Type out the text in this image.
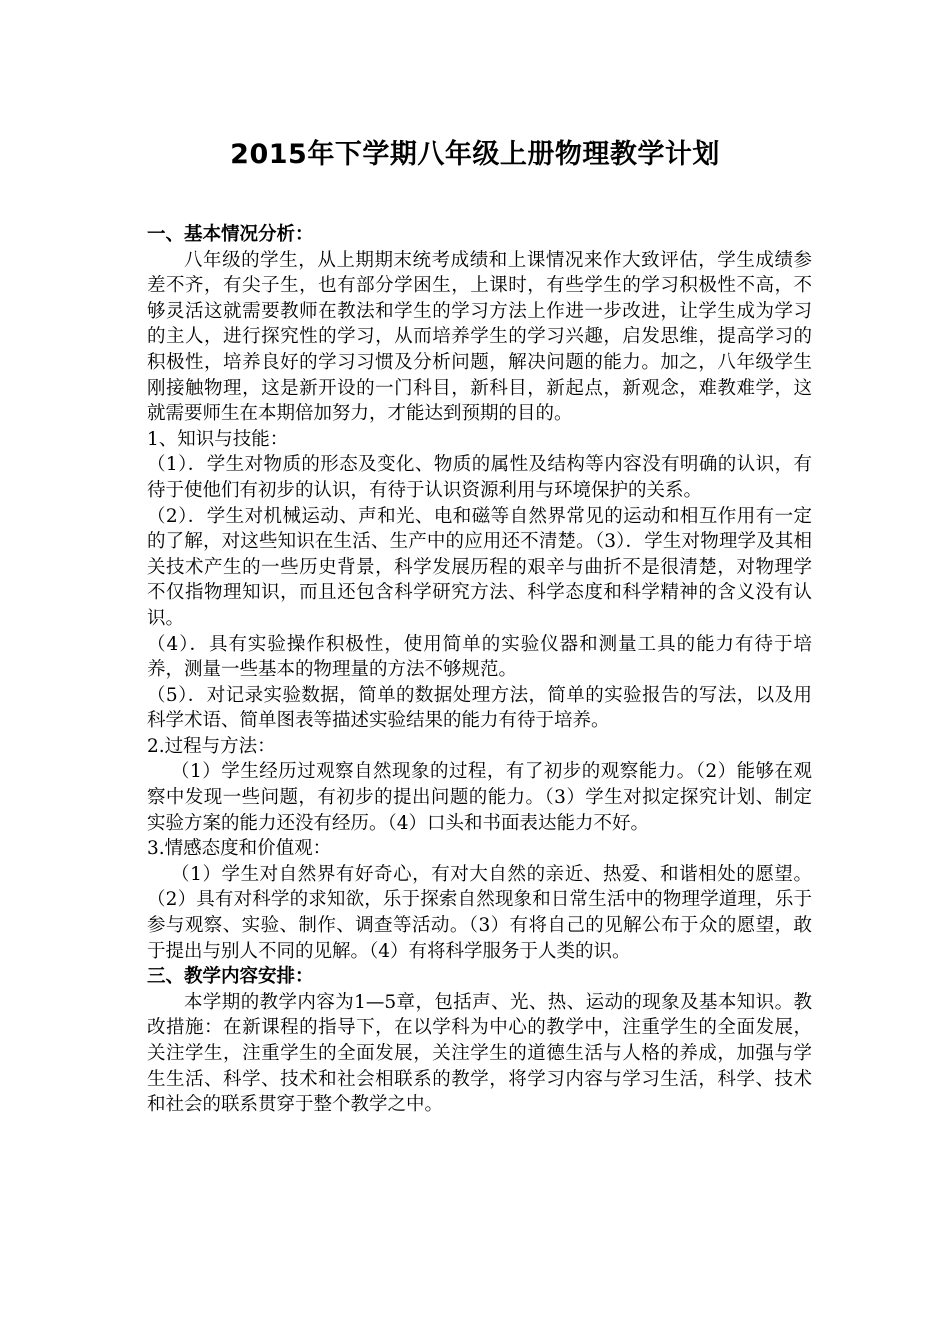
2015年下学期八年级上册物理教学计划

一、基本情况分析：

八年级的学生，从上期期末统考成绩和上课情况来作大致评估，学生成绩参差不齐，有尖子生，也有部分学困生，上课时，有些学生的学习积极性不高，不够灵活这就需要教师在教法和学生的学习方法上作进一步改进，让学生成为学习的主人，进行探究性的学习，从而培养学生的学习兴趣，启发思维，提高学习的积极性，培养良好的学习习惯及分析问题，解决问题的能力。加之，八年级学生刚接触物理，这是新开设的一门科目，新科目，新起点，新观念，难教难学，这就需要师生在本期倍加努力，才能达到预期的目的。

1、知识与技能：

（1）．学生对物质的形态及变化、物质的属性及结构等内容没有明确的认识，有待于使他们有初步的认识，有待于认识资源利用与环境保护的关系。

（2）．学生对机械运动、声和光、电和磁等自然界常见的运动和相互作用有一定的了解，对这些知识在生活、生产中的应用还不清楚。（3）．学生对物理学及其相关技术产生的一些历史背景，科学发展历程的艰辛与曲折不是很清楚，对物理学不仅指物理知识，而且还包含科学研究方法、科学态度和科学精神的含义没有认识。

（4）．具有实验操作积极性，使用简单的实验仪器和测量工具的能力有待于培养，测量一些基本的物理量的方法不够规范。

（5）．对记录实验数据，简单的数据处理方法，简单的实验报告的写法，以及用科学术语、简单图表等描述实验结果的能力有待于培养。

2.过程与方法：

（1）学生经历过观察自然现象的过程，有了初步的观察能力。（2）能够在观察中发现一些问题，有初步的提出问题的能力。（3）学生对拟定探究计划、制定实验方案的能力还没有经历。（4）口头和书面表达能力不好。

3.情感态度和价值观：

（1）学生对自然界有好奇心，有对大自然的亲近、热爱、和谐相处的愿望。（2）具有对科学的求知欲，乐于探索自然现象和日常生活中的物理学道理，乐于参与观察、实验、制作、调查等活动。（3）有将自己的见解公布于众的愿望，敢于提出与别人不同的见解。（4）有将科学服务于人类的识。

三、教学内容安排：

本学期的教学内容为1—5章，包括声、光、热、运动的现象及基本知识。教改措施：在新课程的指导下，在以学科为中心的教学中，注重学生的全面发展，关注学生，注重学生的全面发展，关注学生的道德生活与人格的养成，加强与学生生活、科学、技术和社会相联系的教学，将学习内容与学习生活，科学、技术和社会的联系贯穿于整个教学之中。
